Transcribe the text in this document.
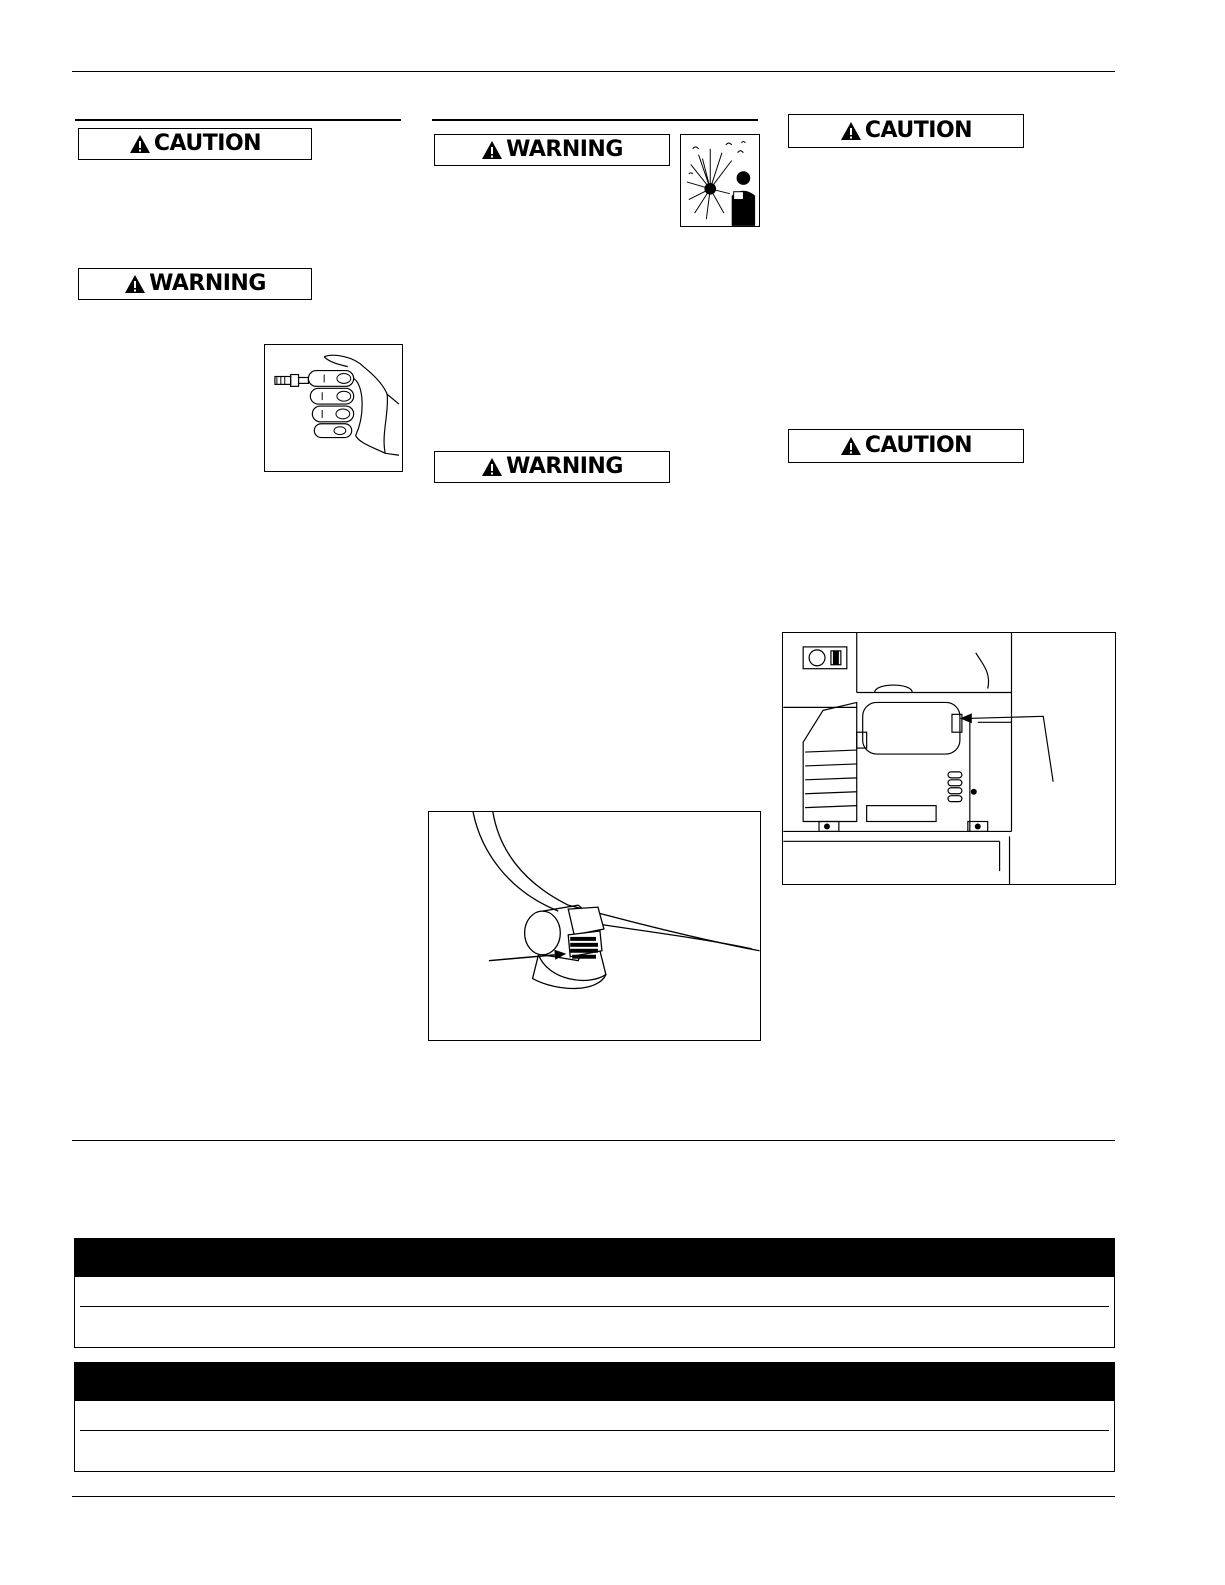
CAUTION
WARNING
WARNING
WARNING
CAUTION
CAUTION
